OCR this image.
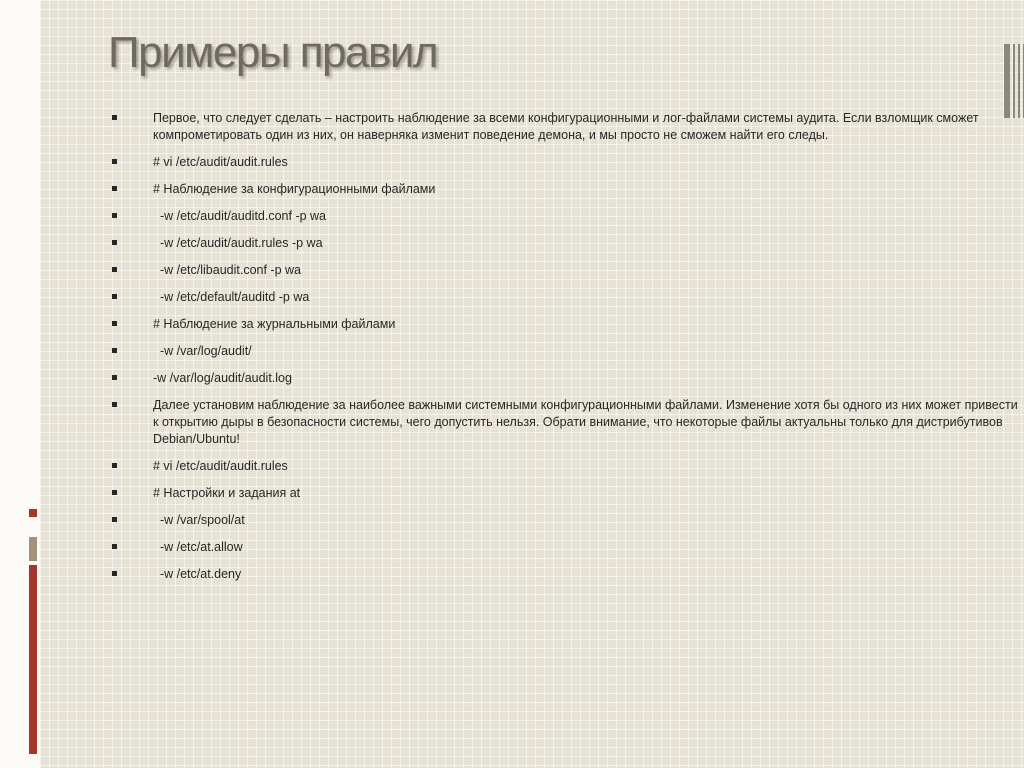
Примеры правил
Первое, что следует сделать – настроить наблюдение за всеми конфигурационными и лог-файлами системы аудита. Если взломщик сможет компрометировать один из них, он наверняка изменит поведение демона, и мы просто не сможем найти его следы.
# vi /etc/audit/audit.rules
# Наблюдение за конфигурационными файлами
-w /etc/audit/auditd.conf -p wa
-w /etc/audit/audit.rules -p wa
-w /etc/libaudit.conf -p wa
-w /etc/default/auditd -p wa
# Наблюдение за журнальными файлами
-w /var/log/audit/
-w /var/log/audit/audit.log
Далее установим наблюдение за наиболее важными системными конфигурационными файлами. Изменение хотя бы одного из них может привести к открытию дыры в безопасности системы, чего допустить нельзя. Обрати внимание, что некоторые файлы актуальны только для дистрибутивов Debian/Ubuntu!
# vi /etc/audit/audit.rules
# Настройки и задания at
-w /var/spool/at
-w /etc/at.allow
-w /etc/at.deny
